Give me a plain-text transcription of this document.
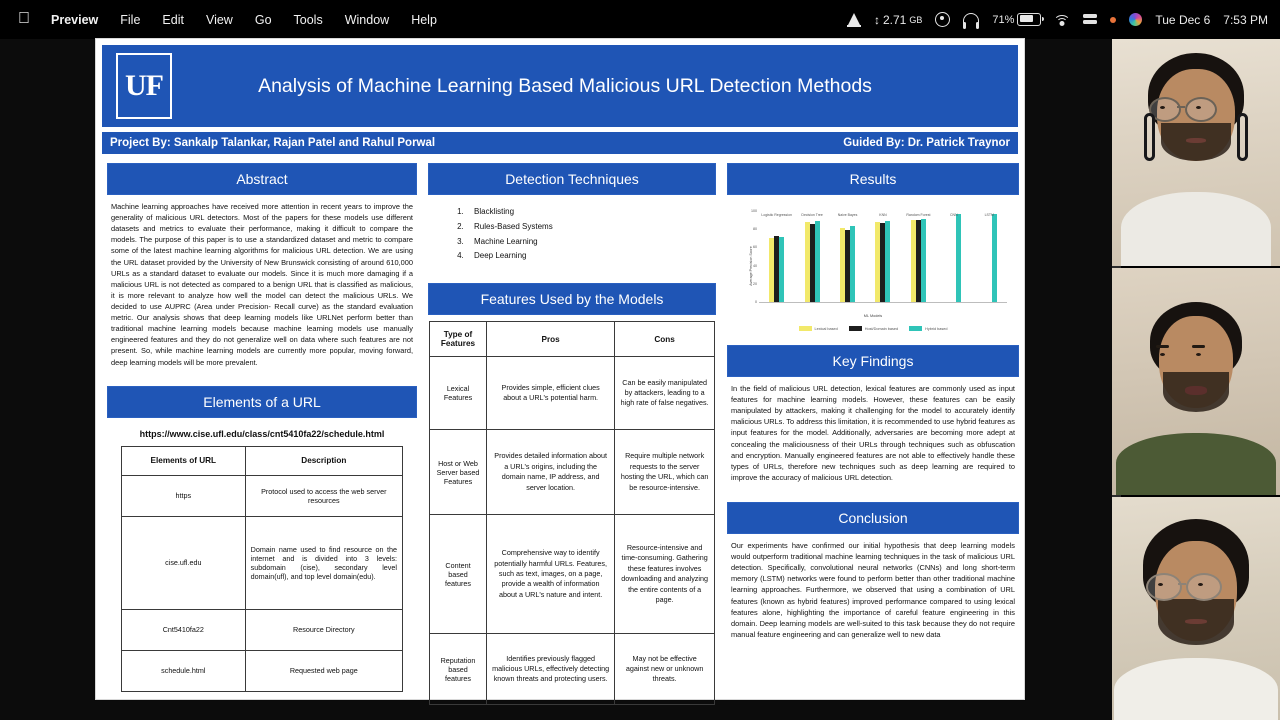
Preview	File	Edit	View	Go	Tools	Window	Help	↕ 2.71 GB	71%	Tue Dec 6 7:53 PM
UF	Analysis of Machine Learning Based Malicious URL Detection Methods
Project By: Sankalp Talankar, Rajan Patel and Rahul Porwal	Guided By: Dr. Patrick Traynor
Abstract
Machine learning approaches have received more attention in recent years to improve the generality of malicious URL detectors. Most of the papers for these models use different datasets and metrics to evaluate their performance, making it difficult to compare the models. The purpose of this paper is to use a standardized dataset and metric to compare some of the latest machine learning algorithms for malicious URL detection. We are using the URL dataset provided by the University of New Brunswick consisting of around 610,000 URLs as a standard dataset to evaluate our models. Since it is much more damaging if a malicious URL is not detected as compared to a benign URL that is classified as malicious, it is more relevant to analyze how well the model can detect the malicious URLs. We decided to use AUPRC (Area under Precision- Recall curve) as the standard evaluation metric. Our analysis shows that deep learning models like URLNet perform better than traditional machine learning models because machine learning models use manually engineered features and they do not generalize well on data where such features are not present. So, while machine learning models are currently more popular, moving forward, deep learning models will be more prevalent.
Elements of a URL
https://www.cise.ufl.edu/class/cnt5410fa22/schedule.html
Elements of URL	Description
https	Protocol used to access the web server resources
cise.ufl.edu	Domain name used to find resource on the internet and is divided into 3 levels: subdomain (cise), secondary level domain(ufl), and top level domain(edu).
Cnt5410fa22	Resource Directory
schedule.html	Requested web page
Detection Techniques
1. Blacklisting
2. Rules-Based Systems
3. Machine Learning
4. Deep Learning
Features Used by the Models
Type of Features	Pros	Cons
Lexical Features	Provides simple, efficient clues about a URL's potential harm.	Can be easily manipulated by attackers, leading to a high rate of false negatives.
Host or Web Server based Features	Provides detailed information about a URL's origins, including the domain name, IP address, and server location.	Require multiple network requests to the server hosting the URL, which can be resource-intensive.
Content based features	Comprehensive way to identify potentially harmful URLs. Features, such as text, images, on a page, provide a wealth of information about a URL's nature and intent.	Resource-intensive and time-consuming. Gathering these features involves downloading and analyzing the entire contents of a page.
Reputation based features	Identifies previously flagged malicious URLs, effectively detecting known threats and protecting users.	May not be effective against new or unknown threats.
Results
Average Precision Score
Logistic Regression	Decision Tree	Naive Bayes	KNN	Random Forest	CNN	LSTM
0
20
40
60
80
100
ML Models
Lexical based	Host/Domain based	Hybrid based
Key Findings
In the field of malicious URL detection, lexical features are commonly used as input features for machine learning models. However, these features can be easily manipulated by attackers, making it challenging for the model to accurately identify malicious URLs. To address this limitation, it is recommended to use hybrid features as input features for the model. Additionally, adversaries are becoming more adept at concealing the maliciousness of their URLs through techniques such as obfuscation and encryption. Manually engineered features are not able to effectively handle these types of URLs, therefore new techniques such as deep learning are required to improve the accuracy of malicious URL detection.
Conclusion
Our experiments have confirmed our initial hypothesis that deep learning models would outperform traditional machine learning techniques in the task of malicious URL detection. Specifically, convolutional neural networks (CNNs) and long short-term memory (LSTM) networks were found to perform better than other traditional machine learning approaches. Furthermore, we observed that using a combination of URL features (known as hybrid features) improved performance compared to using lexical features alone, highlighting the importance of careful feature engineering in this domain. Deep learning models are well-suited to this task because they do not require manual feature engineering and can generalize well to new data
